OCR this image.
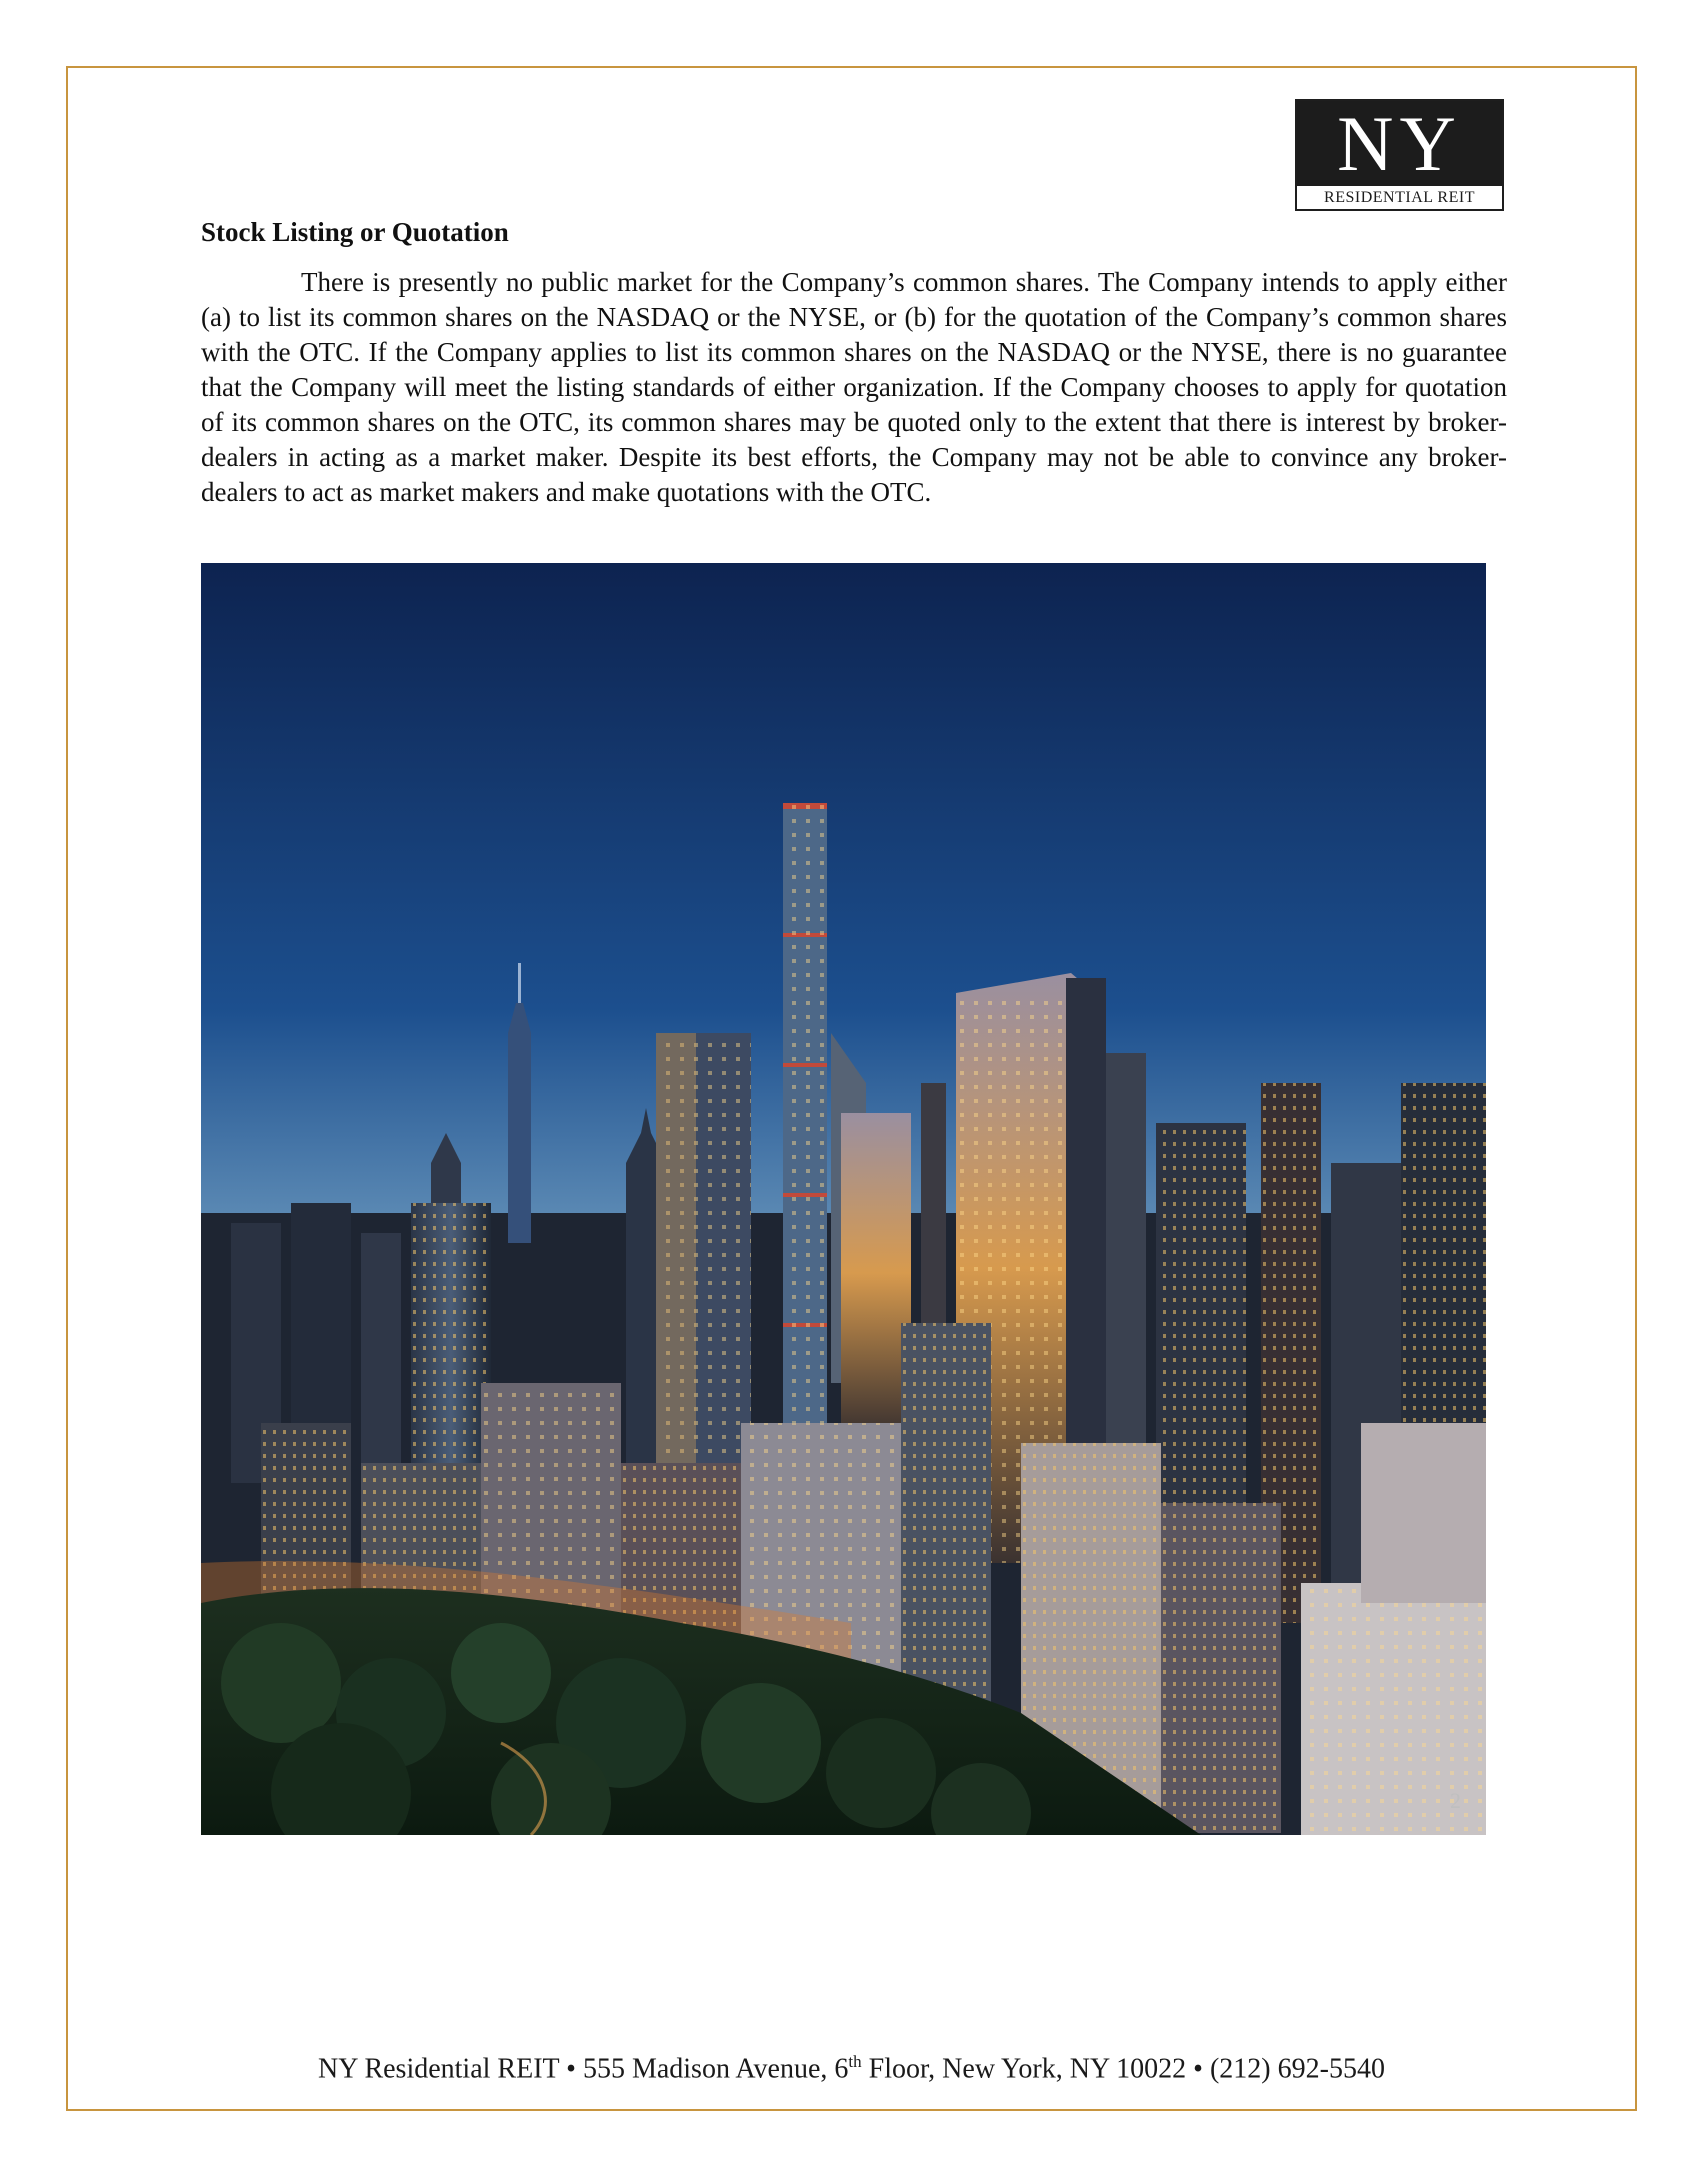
NY
RESIDENTIAL REIT
Stock Listing or Quotation

There is presently no public market for the Company’s common shares. The Company intends to apply either (a) to list its common shares on the NASDAQ or the NYSE, or (b) for the quotation of the Company’s common shares with the OTC. If the Company applies to list its common shares on the NASDAQ or the NYSE, there is no guarantee that the Company will meet the listing standards of either organization. If the Company chooses to apply for quotation of its common shares on the OTC, its common shares may be quoted only to the extent that there is interest by broker-dealers in acting as a market maker. Despite its best efforts, the Company may not be able to convince any broker-dealers to act as market makers and make quotations with the OTC.

2
NY Residential REIT • 555 Madison Avenue, 6th Floor, New York, NY 10022 • (212) 692-5540
